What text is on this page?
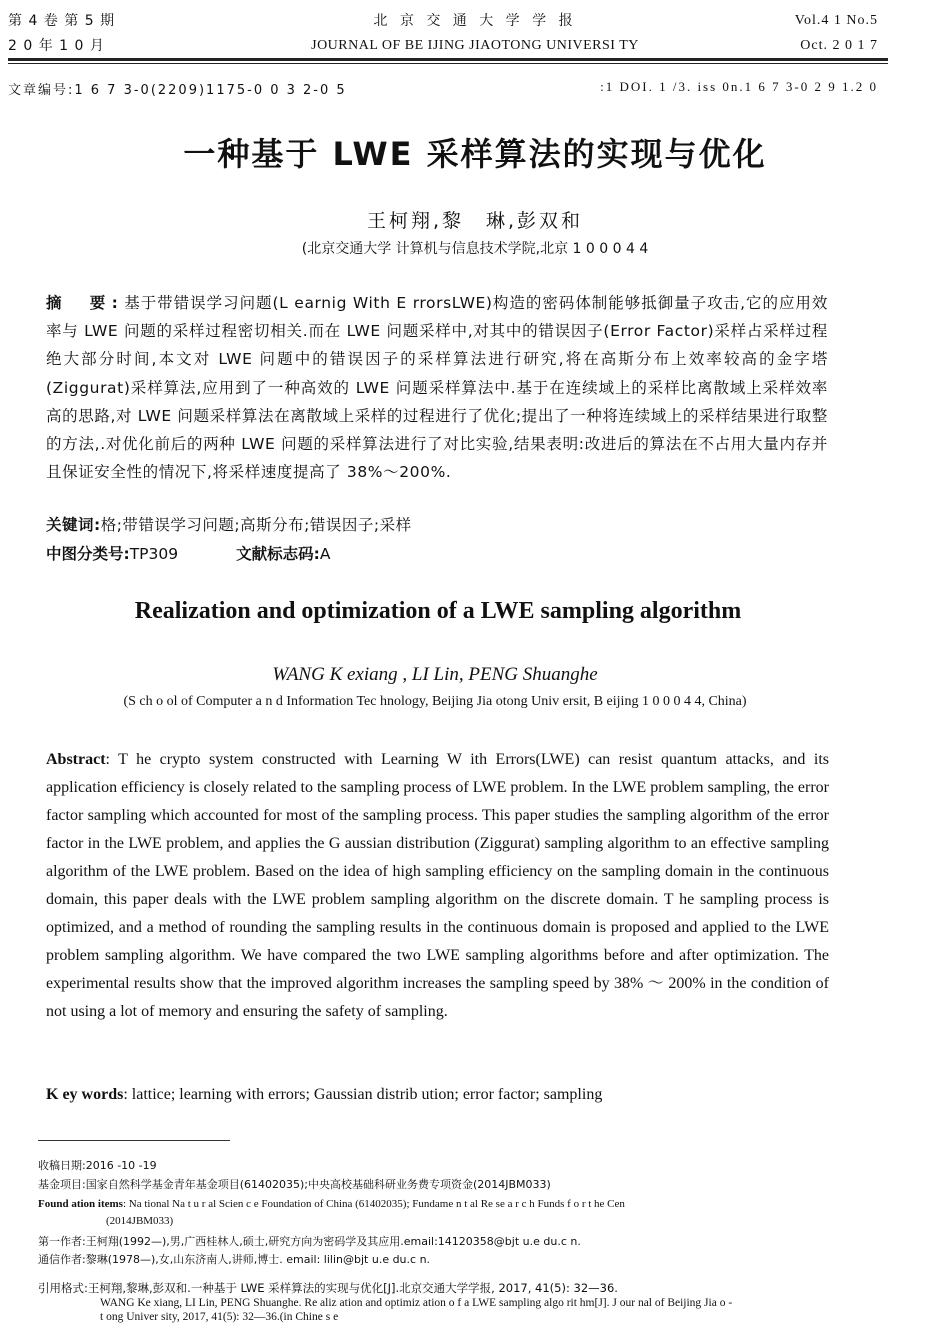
第 4 卷 第 5 期
2 0 年 1 0 月
北 京 交 通 大 学 学 报
JOURNAL OF BE IJING JIAOTONG UNIVERSI TY
Vol.4 1 No.5
Oct. 2 0 1 7
文章编号:1 6 7 3-0(2209)1175-0 0 3 2-0 5	:1 DOI. 1 /3. iss 0n.1 6 7 3-0 2 9 1.2 0
一种基于 LWE 采样算法的实现与优化
王柯翔,黎　琳,彭双和
(北京交通大学 计算机与信息技术学院,北京 1 0 0 0 4 4
摘　要:基于带错误学习问题(L earnig With E rrorsLWE)构造的密码体制能够抵御量子攻击,它的应用效率与 LWE 问题的采样过程密切相关.而在 LWE 问题采样中,对其中的错误因子(Error Factor)采样占采样过程绝大部分时间,本文对 LWE 问题中的错误因子的采样算法进行研究,将在高斯分布上效率较高的金字塔(Ziggurat)采样算法,应用到了一种高效的 LWE 问题采样算法中.基于在连续域上的采样比离散域上采样效率高的思路,对 LWE 问题采样算法在离散域上采样的过程进行了优化;提出了一种将连续域上的采样结果进行取整的方法,.对优化前后的两种 LWE 问题的采样算法进行了对比实验,结果表明:改进后的算法在不占用大量内存并且保证安全性的情况下,将采样速度提高了 38%～200%.
关键词:格;带错误学习问题;高斯分布;错误因子;采样
中图分类号:TP309	文献标志码:A
Realization and optimization of a LWE sampling algorithm
WANG K exiang , LI Lin, PENG Shuanghe
(S ch o ol of Computer a n d Information Tec hnology, Beijing Jia otong Univ ersit, B eijing 1 0 0 0 4 4, China)
Abstract: T he crypto system constructed with Learning W ith Errors(LWE) can resist quantum attacks, and its application efficiency is closely related to the sampling process of LWE problem. In the LWE problem sampling, the error factor sampling which accounted for most of the sampling process. This paper studies the sampling algorithm of the error factor in the LWE problem, and applies the G aussian distribution (Ziggurat) sampling algorithm to an effective sampling algorithm of the LWE problem. Based on the idea of high sampling efficiency on the sampling domain in the continuous domain, this paper deals with the LWE problem sampling algorithm on the discrete domain. T he sampling process is optimized, and a method of rounding the sampling results in the continuous domain is proposed and applied to the LWE problem sampling algorithm. We have compared the two LWE sampling algorithms before and after optimization. The experimental results show that the improved algorithm increases the sampling speed by 38% ～ 200% in the condition of not using a lot of memory and ensuring the safety of sampling.
K ey words: lattice; learning with errors; Gaussian distrib ution; error factor; sampling
收稿日期:2016 -10 -19
基金项目:国家自然科学基金青年基金项目(61402035);中央高校基础科研业务费专项资金(2014JBM033)
Found ation items: Na tional Na t u r al Scien c e Foundation of China (61402035); Fundame n t al Re se a r c h Funds f o r t he Cen
(2014JBM033)
第一作者:王柯翔(1992—),男,广西桂林人,硕士,研究方向为密码学及其应用.email:14120358@bjt u.e du.c n.
通信作者:黎琳(1978—),女,山东济南人,讲师,博士. email: lilin@bjt u.e du.c n.
引用格式:王柯翔,黎琳,彭双和.一种基于 LWE 采样算法的实现与优化[J].北京交通大学学报, 2017, 41(5): 32—36.
WANG Ke xiang, LI Lin, PENG Shuanghe. Re aliz ation and optimiz ation o f a LWE sampling algo rit hm[J]. J our nal of Beijing Jia o -
t ong Univer sity, 2017, 41(5): 32—36.(in Chine s e
